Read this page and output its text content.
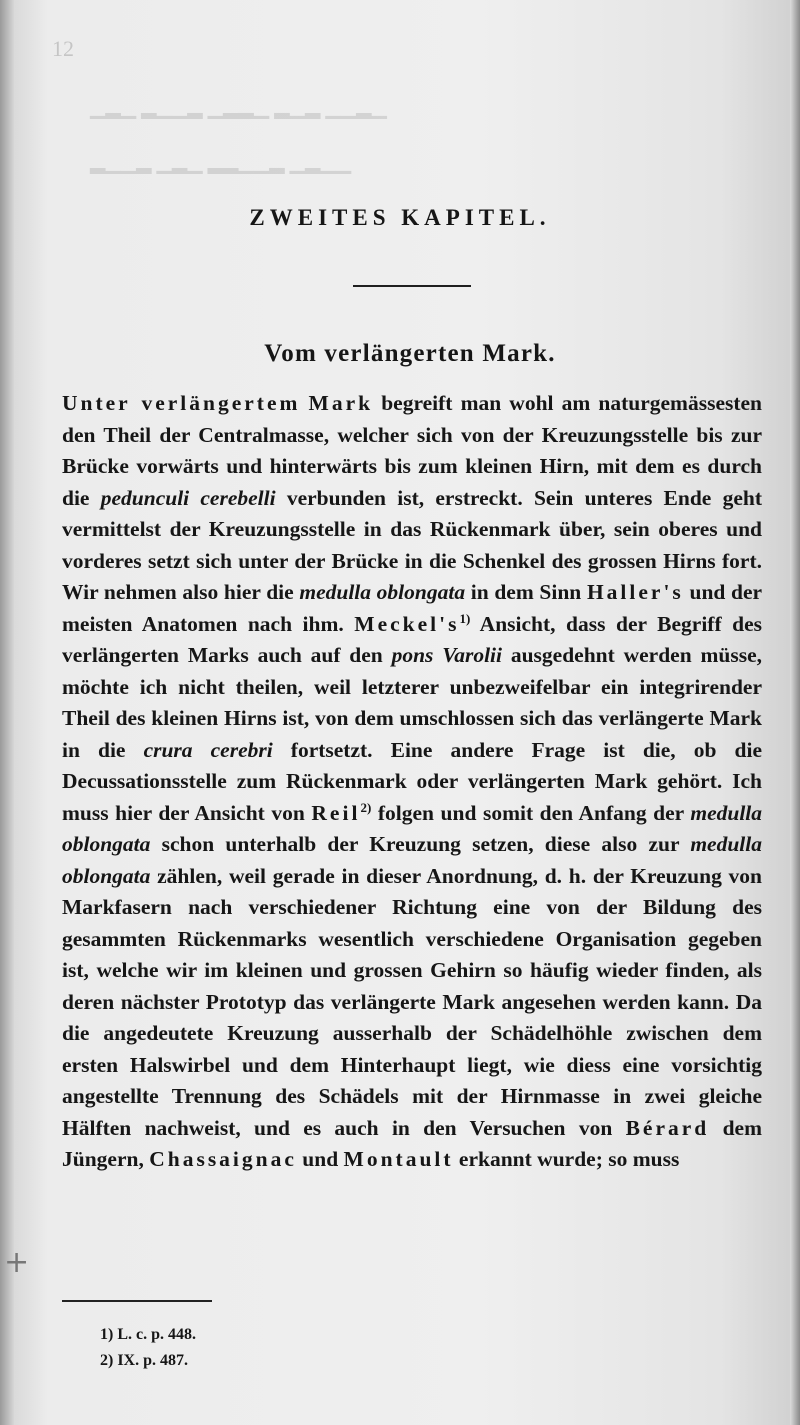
▁▂▁ ▂▁▁▂ ▁▂▂▁ ▂▁▂ ▁▁▂▁
▂▁▁▂ ▁▂▁ ▂▂▁▁▂ ▁▂▁▁
12
ZWEITES KAPITEL.
Vom verlängerten Mark.

Unter verlängertem Mark begreift man wohl am naturgemässesten den Theil der Centralmasse, welcher sich von der Kreuzungsstelle bis zur Brücke vorwärts und hinterwärts bis zum kleinen Hirn, mit dem es durch die pedunculi cerebelli verbunden ist, erstreckt. Sein unteres Ende geht vermittelst der Kreuzungsstelle in das Rückenmark über, sein oberes und vorderes setzt sich unter der Brücke in die Schenkel des grossen Hirns fort. Wir nehmen also hier die medulla oblongata in dem Sinn Haller's und der meisten Anatomen nach ihm. $Meckel's^{1)}$ Ansicht, dass der Begriff des verlängerten Marks auch auf den pons Varolii ausgedehnt werden müsse, möchte ich nicht theilen, weil letzterer unbezweifelbar ein integrirender Theil des kleinen Hirns ist, von dem umschlossen sich das verlängerte Mark in die crura cerebri fortsetzt. Eine andere Frage ist die, ob die Decussationsstelle zum Rückenmark oder verlängerten Mark gehört. Ich muss hier der Ansicht von Reil$^{2)}$ folgen und somit den Anfang der medulla oblongata schon unterhalb der Kreuzung setzen, diese also zur medulla oblongata zählen, weil gerade in dieser Anordnung, d. h. der Kreuzung von Markfasern nach verschiedener Richtung eine von der Bildung des gesammten Rückenmarks wesentlich verschiedene Organisation gegeben ist, welche wir im kleinen und grossen Gehirn so häufig wieder finden, als deren nächster Prototyp das verlängerte Mark angesehen werden kann. Da die angedeutete Kreuzung ausserhalb der Schädelhöhle zwischen dem ersten Halswirbel und dem Hinterhaupt liegt, wie diess eine vorsichtig angestellte Trennung des Schädels mit der Hirnmasse in zwei gleiche Hälften nachweist, und es auch in den Versuchen von Bérard dem Jüngern, Chassaignac und Montault erkannt wurde; so muss

+
1) L. c. p. 448.
2) IX. p. 487.
